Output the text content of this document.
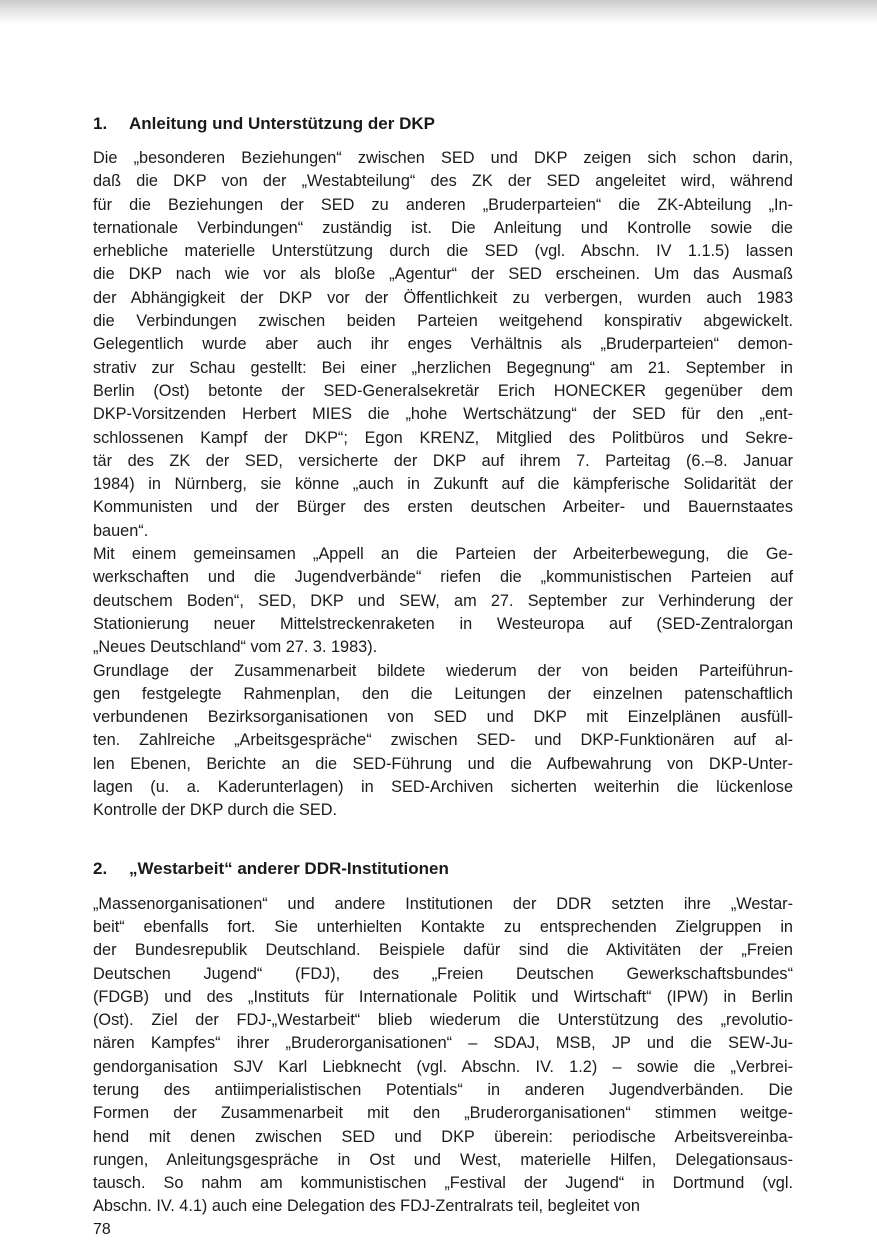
1.	Anleitung und Unterstützung der DKP

Die „besonderen Beziehungen“ zwischen SED und DKP zeigen sich schon darin,
daß die DKP von der „Westabteilung“ des ZK der SED angeleitet wird, während
für die Beziehungen der SED zu anderen „Bruderparteien“ die ZK-Abteilung „In-
ternationale Verbindungen“ zuständig ist. Die Anleitung und Kontrolle sowie die
erhebliche materielle Unterstützung durch die SED (vgl. Abschn. IV 1.1.5) lassen
die DKP nach wie vor als bloße „Agentur“ der SED erscheinen. Um das Ausmaß
der Abhängigkeit der DKP vor der Öffentlichkeit zu verbergen, wurden auch 1983
die Verbindungen zwischen beiden Parteien weitgehend konspirativ abgewickelt.
Gelegentlich wurde aber auch ihr enges Verhältnis als „Bruderparteien“ demon-
strativ zur Schau gestellt: Bei einer „herzlichen Begegnung“ am 21. September in
Berlin (Ost) betonte der SED-Generalsekretär Erich HONECKER gegenüber dem
DKP-Vorsitzenden Herbert MIES die „hohe Wertschätzung“ der SED für den „ent-
schlossenen Kampf der DKP“; Egon KRENZ, Mitglied des Politbüros und Sekre-
tär des ZK der SED, versicherte der DKP auf ihrem 7. Parteitag (6.–8. Januar
1984) in Nürnberg, sie könne „auch in Zukunft auf die kämpferische Solidarität der
Kommunisten und der Bürger des ersten deutschen Arbeiter- und Bauernstaates
bauen“.

Mit einem gemeinsamen „Appell an die Parteien der Arbeiterbewegung, die Ge-
werkschaften und die Jugendverbände“ riefen die „kommunistischen Parteien auf
deutschem Boden“, SED, DKP und SEW, am 27. September zur Verhinderung der
Stationierung neuer Mittelstreckenraketen in Westeuropa auf (SED-Zentralorgan
„Neues Deutschland“ vom 27. 3. 1983).

Grundlage der Zusammenarbeit bildete wiederum der von beiden Parteiführun-
gen festgelegte Rahmenplan, den die Leitungen der einzelnen patenschaftlich
verbundenen Bezirksorganisationen von SED und DKP mit Einzelplänen ausfüll-
ten. Zahlreiche „Arbeitsgespräche“ zwischen SED- und DKP-Funktionären auf al-
len Ebenen, Berichte an die SED-Führung und die Aufbewahrung von DKP-Unter-
lagen (u. a. Kaderunterlagen) in SED-Archiven sicherten weiterhin die lückenlose
Kontrolle der DKP durch die SED.

2.	„Westarbeit“ anderer DDR-Institutionen

„Massenorganisationen“ und andere Institutionen der DDR setzten ihre „Westar-
beit“ ebenfalls fort. Sie unterhielten Kontakte zu entsprechenden Zielgruppen in
der Bundesrepublik Deutschland. Beispiele dafür sind die Aktivitäten der „Freien
Deutschen Jugend“ (FDJ), des „Freien Deutschen Gewerkschaftsbundes“
(FDGB) und des „Instituts für Internationale Politik und Wirtschaft“ (IPW) in Berlin
(Ost). Ziel der FDJ-„Westarbeit“ blieb wiederum die Unterstützung des „revolutio-
nären Kampfes“ ihrer „Bruderorganisationen“ – SDAJ, MSB, JP und die SEW-Ju-
gendorganisation SJV Karl Liebknecht (vgl. Abschn. IV. 1.2) – sowie die „Verbrei-
terung des antiimperialistischen Potentials“ in anderen Jugendverbänden. Die
Formen der Zusammenarbeit mit den „Bruderorganisationen“ stimmen weitge-
hend mit denen zwischen SED und DKP überein: periodische Arbeitsvereinba-
rungen, Anleitungsgespräche in Ost und West, materielle Hilfen, Delegationsaus-
tausch. So nahm am kommunistischen „Festival der Jugend“ in Dortmund (vgl.
Abschn. IV. 4.1) auch eine Delegation des FDJ-Zentralrats teil, begleitet von

78
